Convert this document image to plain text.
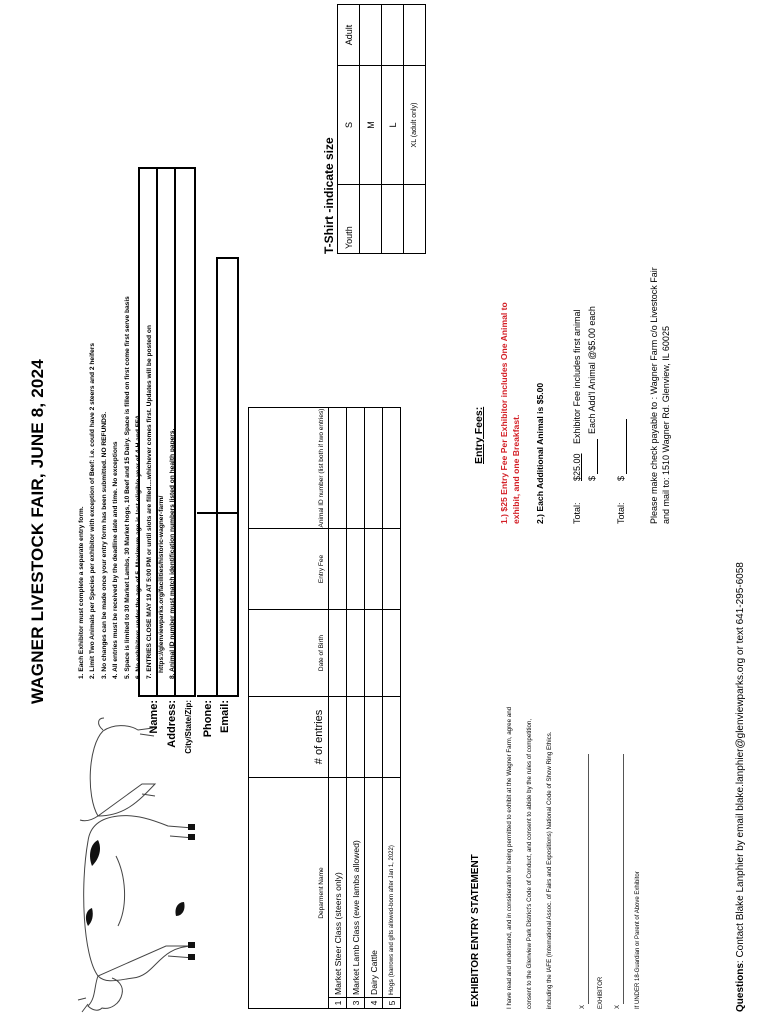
WAGNER LIVESTOCK FAIR, JUNE 8, 2024	1. Each Exhibitor must complete a separate entry form. 2. Limit Two Animals per Species per exhibitor with exception of Beef: i.e. could have 2 steers and 2 heifers 3. No changes can be made once your entry form has been submitted. NO REFUNDS. 4. All entries must be received by the deadline date and time. No exceptions 5. Space is limited to 30 Market Lambs, 30 Market hogs, 10 Beef and 15 Dairy. Space is filled on first come first serve basis 6. No exhibitors under the age of 5. Maximum age is last eligible year of 4-H and FFA 7. ENTRIES CLOSE MAY 19 AT 5:00 PM or until slots are filled....whichever comes first. Updates will be posted on https://glenviewparks.org/facilities/historic-wagner-farm/ 8. Animal ID number must match identification numbers listed on health papers.
Name: Address: City/State/Zip: Phone: Email:
Deparment Name		# of entries	Date of Birth	Entry Fee	Animal ID number (list both if two entries)
1	Market Steer Class (steers only)				
3	Market Lamb Class (ewe lambs allowed)				
4	Dairy Cattle				
5	Hogs (barrows and gilts allowed-born after Jan 1, 2022)				
T-Shirt -indicate size Youth	S	Adult
	M	
	L	
	XL (adult only)	
EXHIBITOR ENTRY STATEMENT	I have read and understand, and in consideration for being permitted to exhibit at the Wagner Farm, agree and	consent to the Glenview Park District's Code of Conduct, and consent to abide by the rules of competition,	including the IAFE (International Assoc. of Fairs and Expositions) National Code of Show Ring Ethics.	X EXHIBITOR X If UNDER 18-Guardian or Parent of Above Exhibitor
Entry Fees: 1.) $25 Entry Fee Per Exhibitor includes One Animal to exhibit, and one Breakfast. 2.) Each Additional Animal is $5.00	Total:
$25.00
Exhibitor Fee includes first animal
$
Each Add'l Animal @$5.00 each
Total:
$	Please make check payable to : Wagner Farm c/o Livestock Fair and mail to: 1510 Wagner Rd. Glenview, IL 60025
Questions: Contact Blake Lanphier by email blake.lanphier@glenviewparks.org or text 641-295-6058
